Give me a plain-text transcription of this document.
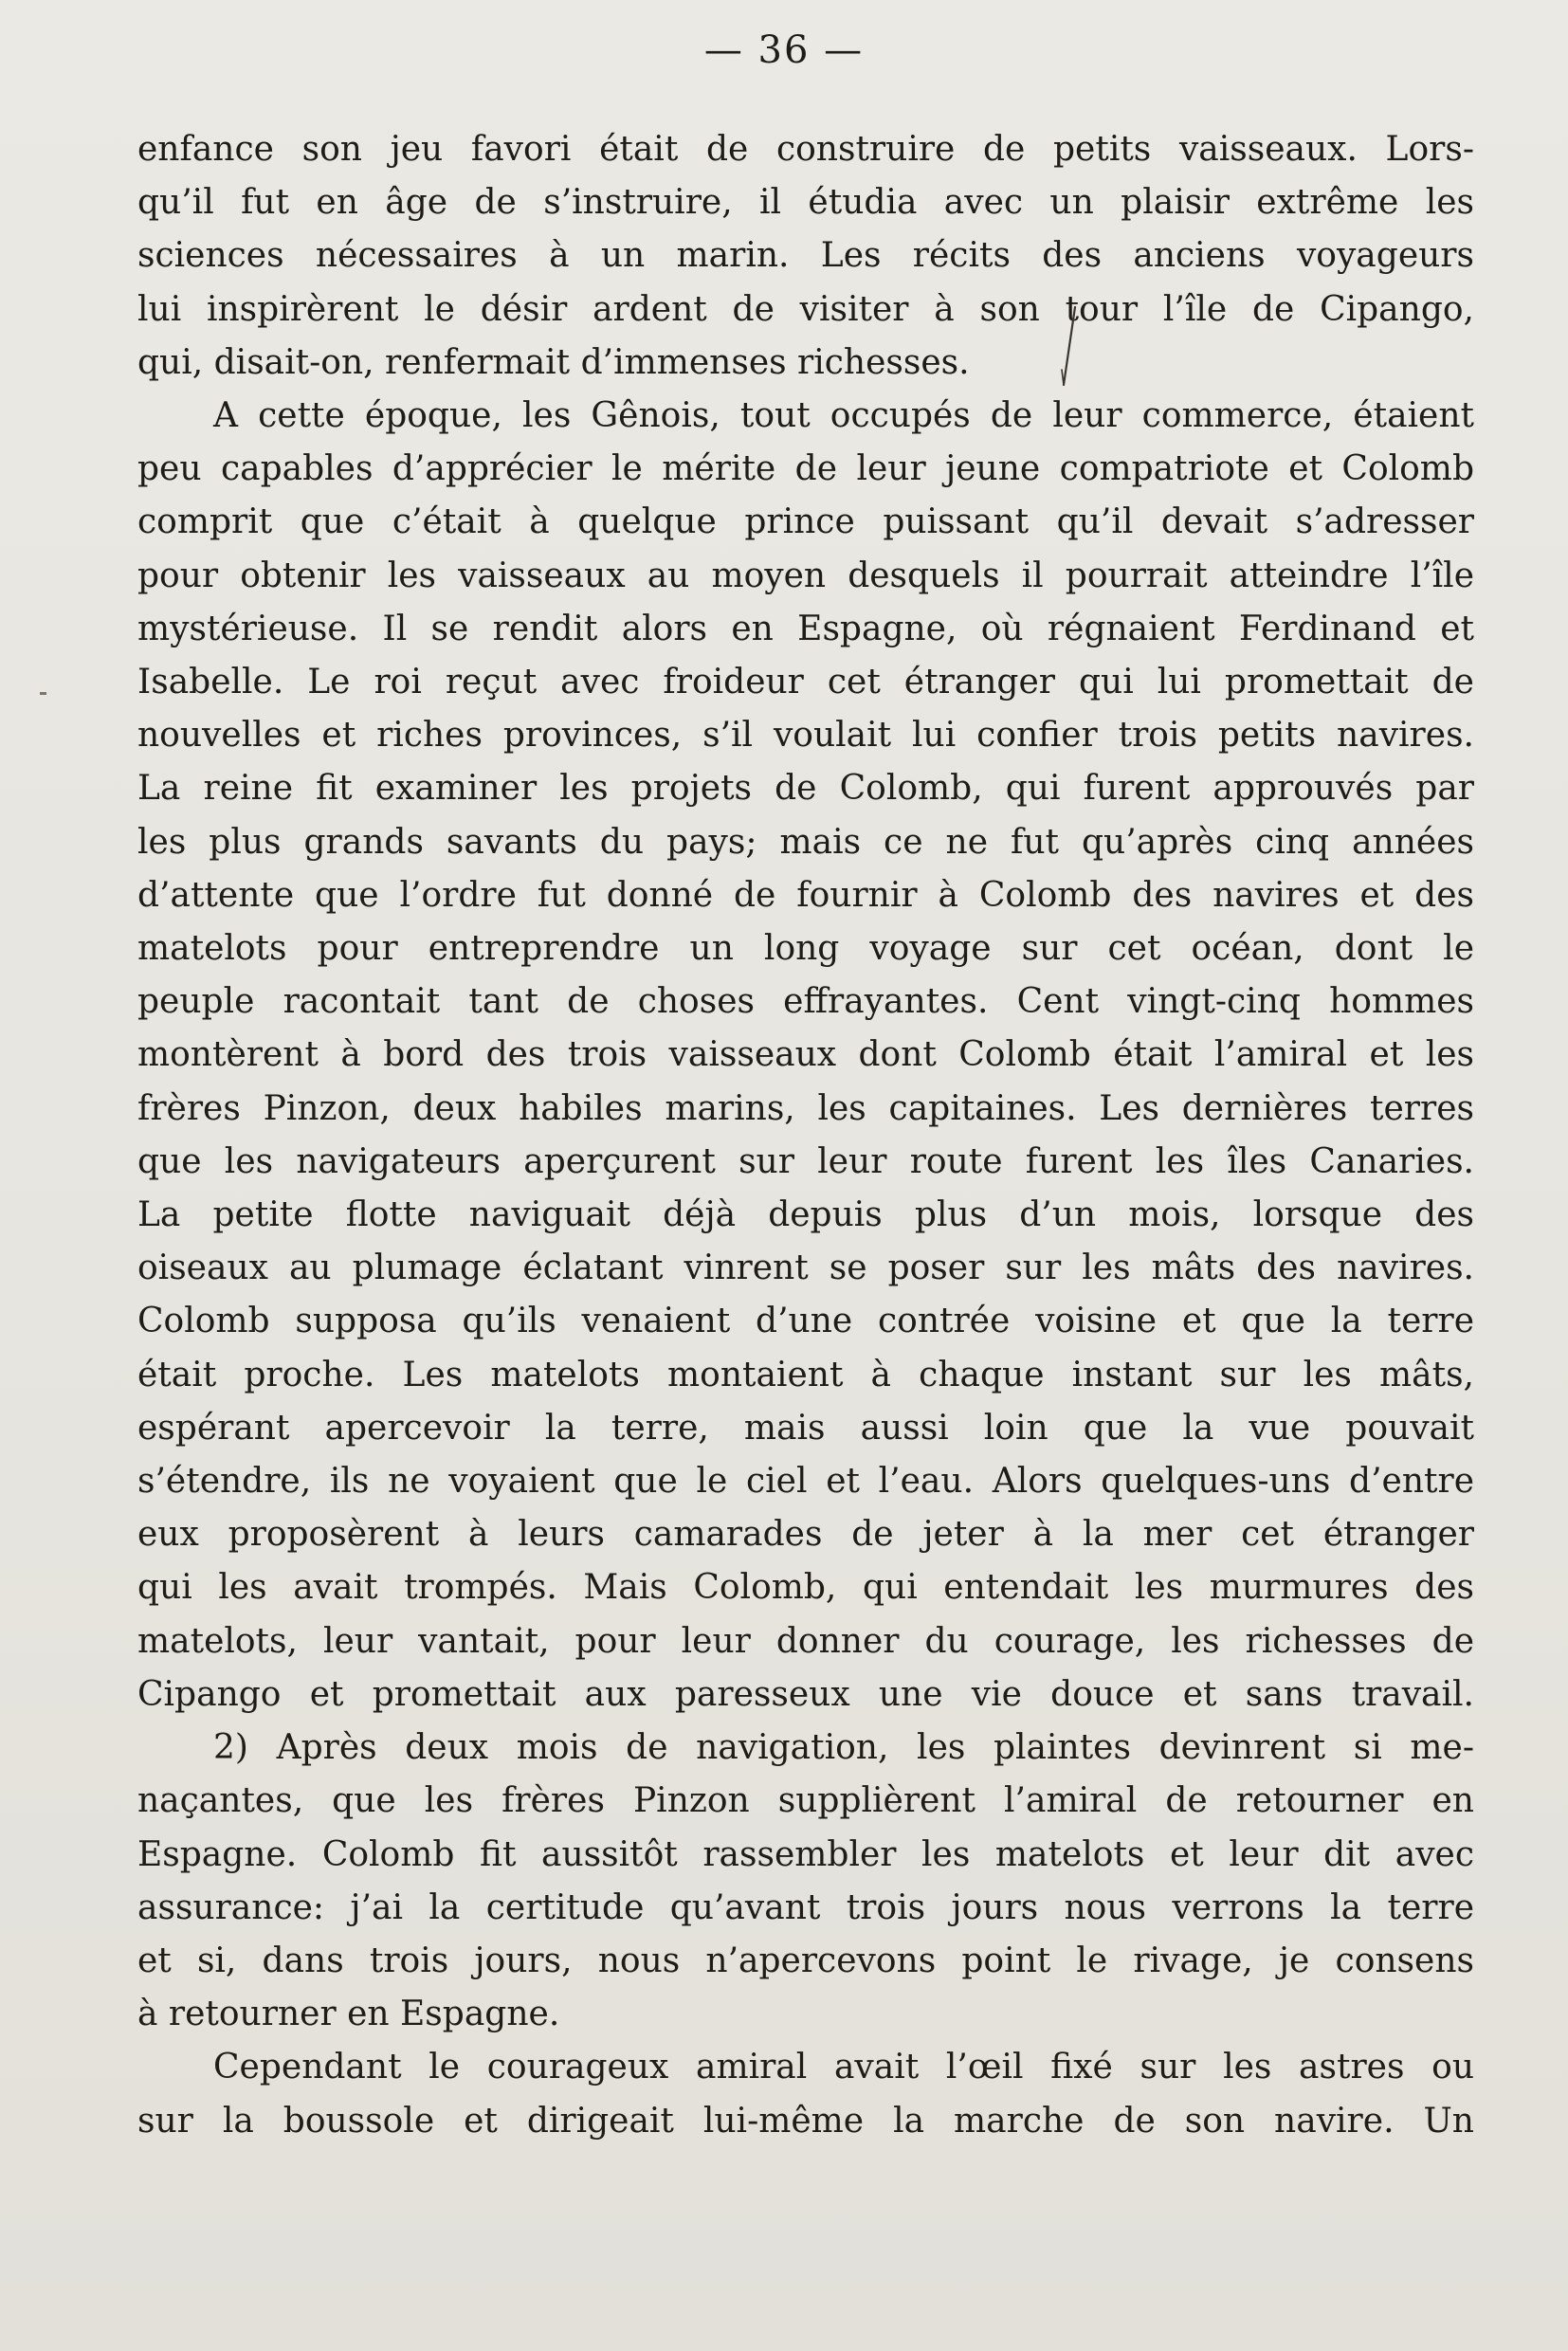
— 36 —
enfance son jeu favori était de construire de petits vaisseaux. Lors-
qu’il fut en âge de s’instruire, il étudia avec un plaisir extrême les
sciences nécessaires à un marin. Les récits des anciens voyageurs
lui inspirèrent le désir ardent de visiter à son tour l’île de Cipango,
qui, disait-on, renfermait d’immenses richesses.
A cette époque, les Gênois, tout occupés de leur commerce, étaient
peu capables d’apprécier le mérite de leur jeune compatriote et Colomb
comprit que c’était à quelque prince puissant qu’il devait s’adresser
pour obtenir les vaisseaux au moyen desquels il pourrait atteindre l’île
mystérieuse. Il se rendit alors en Espagne, où régnaient Ferdinand et
Isabelle. Le roi reçut avec froideur cet étranger qui lui promettait de
nouvelles et riches provinces, s’il voulait lui confier trois petits navires.
La reine fit examiner les projets de Colomb, qui furent approuvés par
les plus grands savants du pays; mais ce ne fut qu’après cinq années
d’attente que l’ordre fut donné de fournir à Colomb des navires et des
matelots pour entreprendre un long voyage sur cet océan, dont le
peuple racontait tant de choses effrayantes. Cent vingt-cinq hommes
montèrent à bord des trois vaisseaux dont Colomb était l’amiral et les
frères Pinzon, deux habiles marins, les capitaines. Les dernières terres
que les navigateurs aperçurent sur leur route furent les îles Canaries.
La petite flotte naviguait déjà depuis plus d’un mois, lorsque des
oiseaux au plumage éclatant vinrent se poser sur les mâts des navires.
Colomb supposa qu’ils venaient d’une contrée voisine et que la terre
était proche. Les matelots montaient à chaque instant sur les mâts,
espérant apercevoir la terre, mais aussi loin que la vue pouvait
s’étendre, ils ne voyaient que le ciel et l’eau. Alors quelques-uns d’entre
eux proposèrent à leurs camarades de jeter à la mer cet étranger
qui les avait trompés. Mais Colomb, qui entendait les murmures des
matelots, leur vantait, pour leur donner du courage, les richesses de
Cipango et promettait aux paresseux une vie douce et sans travail.
2) Après deux mois de navigation, les plaintes devinrent si me-
naçantes, que les frères Pinzon supplièrent l’amiral de retourner en
Espagne. Colomb fit aussitôt rassembler les matelots et leur dit avec
assurance: j’ai la certitude qu’avant trois jours nous verrons la terre
et si, dans trois jours, nous n’apercevons point le rivage, je consens
à retourner en Espagne.
Cependant le courageux amiral avait l’œil fixé sur les astres ou
sur la boussole et dirigeait lui-même la marche de son navire. Un
